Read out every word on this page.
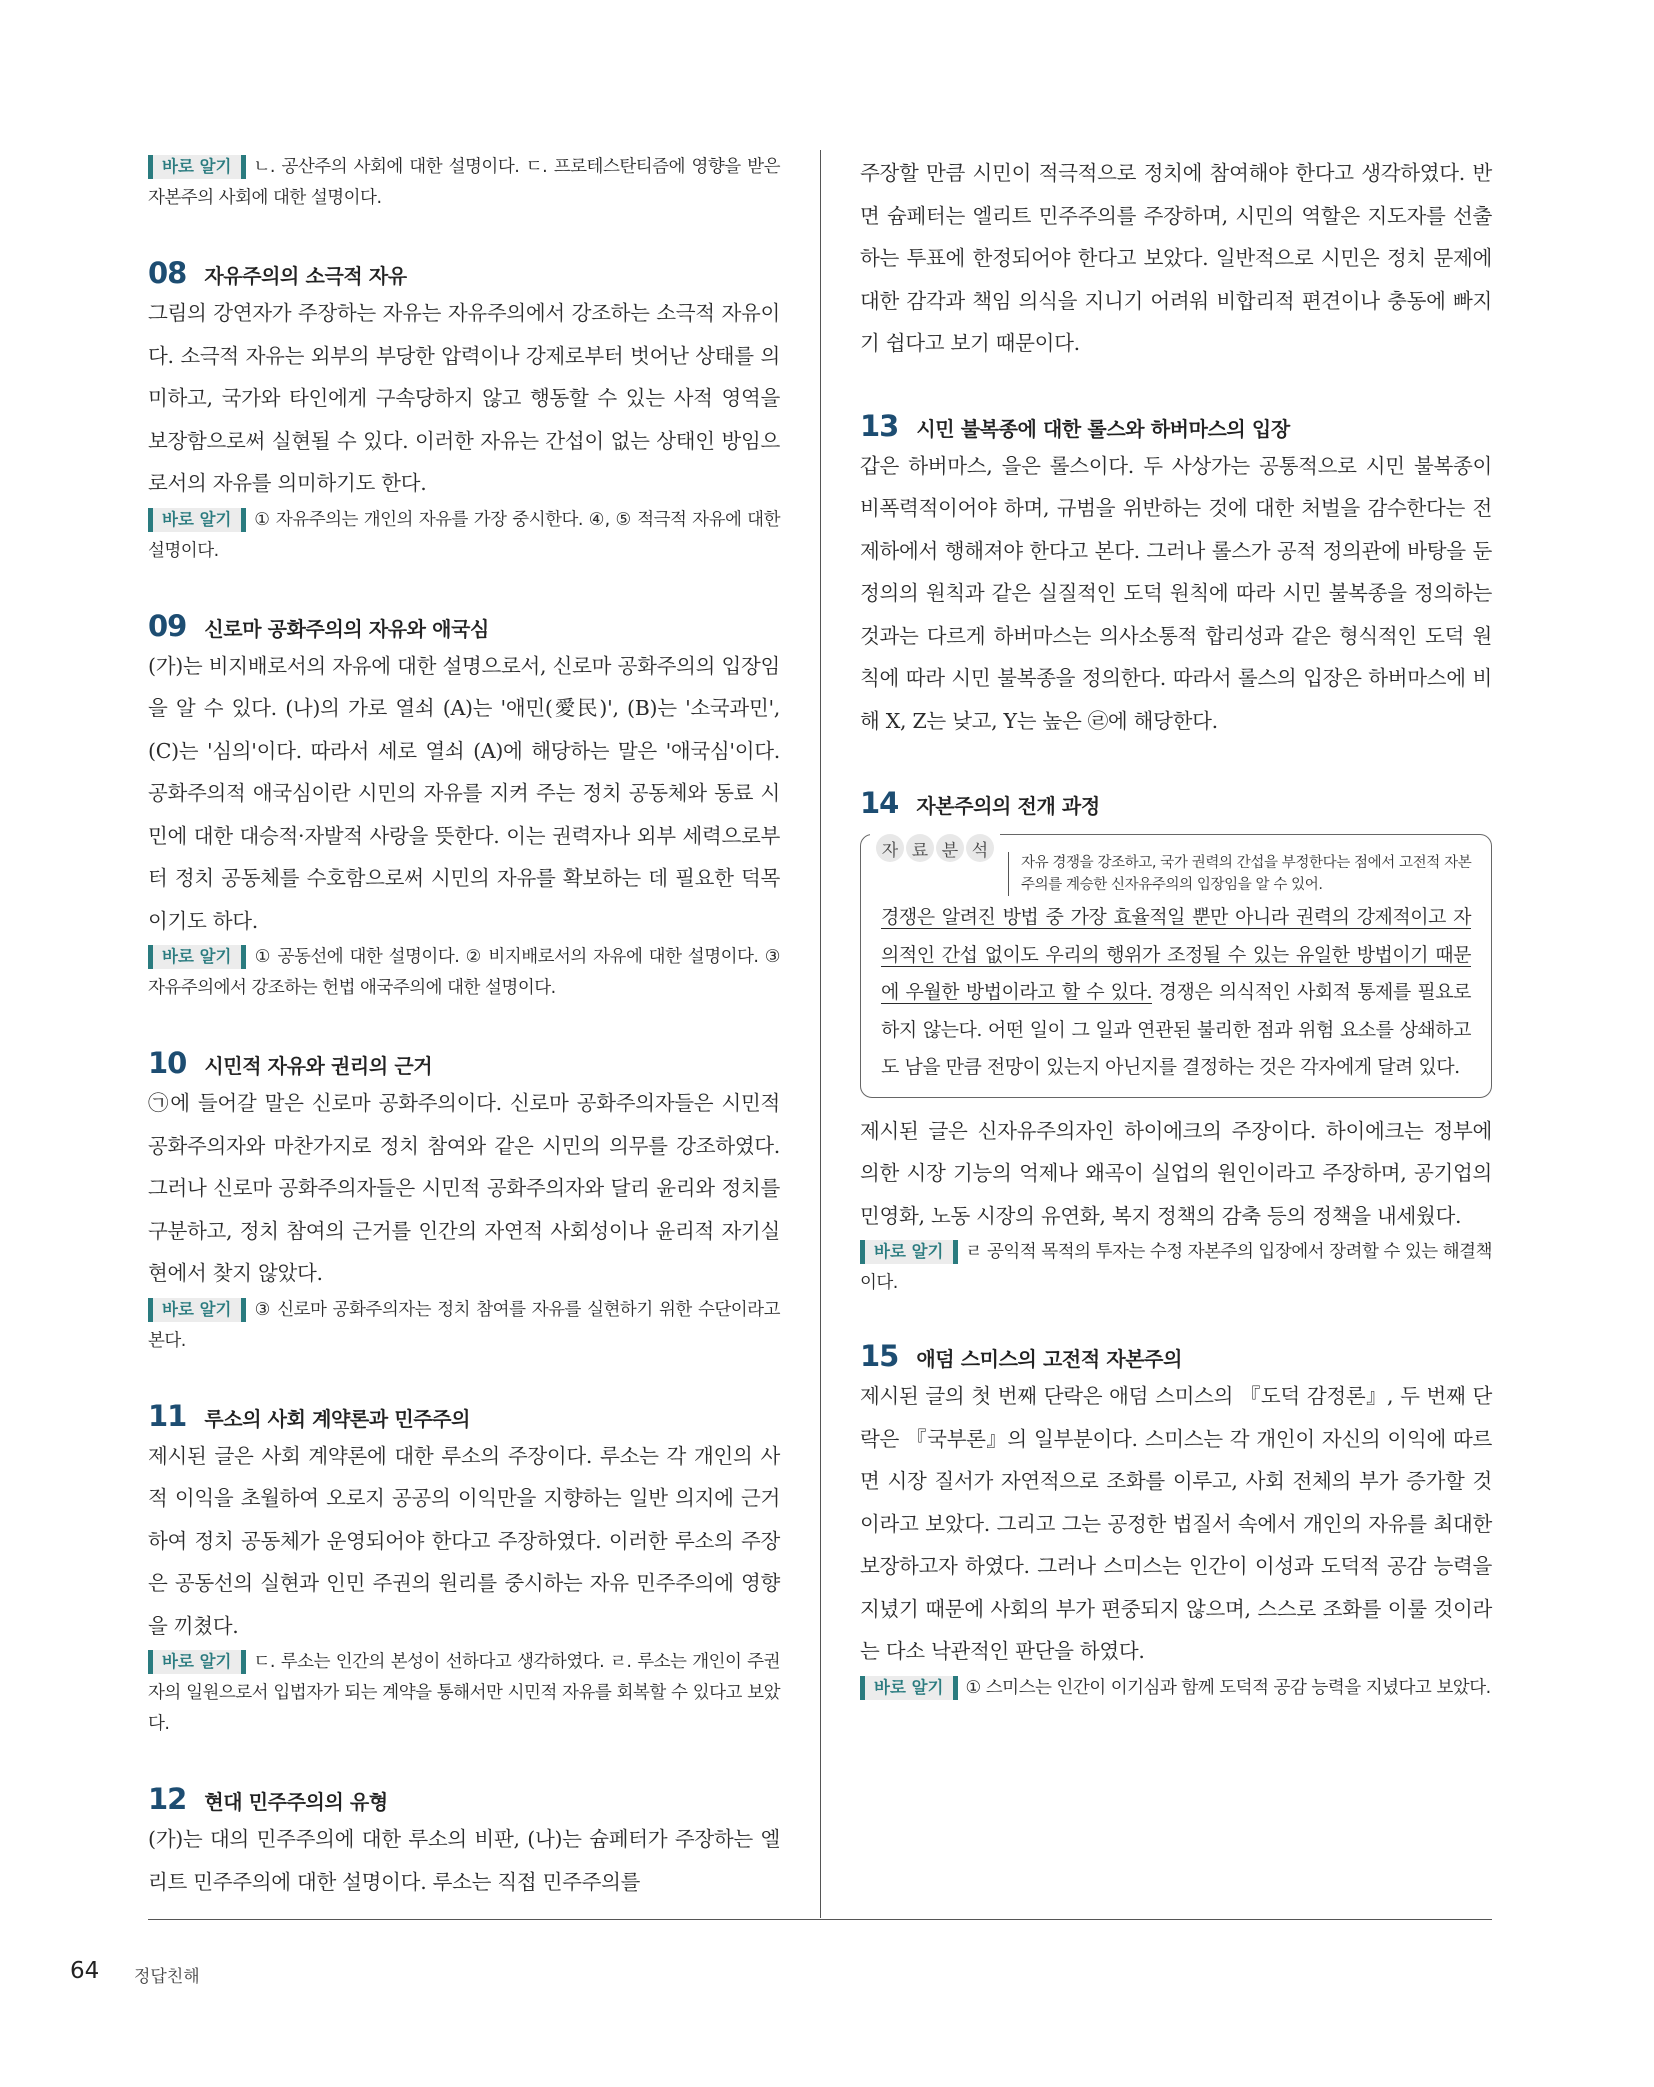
바로 알기 ㄴ. 공산주의 사회에 대한 설명이다. ㄷ. 프로테스탄티즘에 영향을 받은 자본주의 사회에 대한 설명이다.

08 자유주의의 소극적 자유

그림의 강연자가 주장하는 자유는 자유주의에서 강조하는 소극적 자유이다. 소극적 자유는 외부의 부당한 압력이나 강제로부터 벗어난 상태를 의미하고, 국가와 타인에게 구속당하지 않고 행동할 수 있는 사적 영역을 보장함으로써 실현될 수 있다. 이러한 자유는 간섭이 없는 상태인 방임으로서의 자유를 의미하기도 한다.

바로 알기 ① 자유주의는 개인의 자유를 가장 중시한다. ④, ⑤ 적극적 자유에 대한 설명이다.

09 신로마 공화주의의 자유와 애국심

(가)는 비지배로서의 자유에 대한 설명으로서, 신로마 공화주의의 입장임을 알 수 있다. (나)의 가로 열쇠 (A)는 '애민(愛民)', (B)는 '소국과민', (C)는 '심의'이다. 따라서 세로 열쇠 (A)에 해당하는 말은 '애국심'이다. 공화주의적 애국심이란 시민의 자유를 지켜 주는 정치 공동체와 동료 시민에 대한 대승적·자발적 사랑을 뜻한다. 이는 권력자나 외부 세력으로부터 정치 공동체를 수호함으로써 시민의 자유를 확보하는 데 필요한 덕목이기도 하다.

바로 알기 ① 공동선에 대한 설명이다. ② 비지배로서의 자유에 대한 설명이다. ③ 자유주의에서 강조하는 헌법 애국주의에 대한 설명이다.

10 시민적 자유와 권리의 근거

㉠에 들어갈 말은 신로마 공화주의이다. 신로마 공화주의자들은 시민적 공화주의자와 마찬가지로 정치 참여와 같은 시민의 의무를 강조하였다. 그러나 신로마 공화주의자들은 시민적 공화주의자와 달리 윤리와 정치를 구분하고, 정치 참여의 근거를 인간의 자연적 사회성이나 윤리적 자기실현에서 찾지 않았다.

바로 알기 ③ 신로마 공화주의자는 정치 참여를 자유를 실현하기 위한 수단이라고 본다.

11 루소의 사회 계약론과 민주주의

제시된 글은 사회 계약론에 대한 루소의 주장이다. 루소는 각 개인의 사적 이익을 초월하여 오로지 공공의 이익만을 지향하는 일반 의지에 근거하여 정치 공동체가 운영되어야 한다고 주장하였다. 이러한 루소의 주장은 공동선의 실현과 인민 주권의 원리를 중시하는 자유 민주주의에 영향을 끼쳤다.

바로 알기 ㄷ. 루소는 인간의 본성이 선하다고 생각하였다. ㄹ. 루소는 개인이 주권자의 일원으로서 입법자가 되는 계약을 통해서만 시민적 자유를 회복할 수 있다고 보았다.

12 현대 민주주의의 유형

(가)는 대의 민주주의에 대한 루소의 비판, (나)는 슘페터가 주장하는 엘리트 민주주의에 대한 설명이다. 루소는 직접 민주주의를

주장할 만큼 시민이 적극적으로 정치에 참여해야 한다고 생각하였다. 반면 슘페터는 엘리트 민주주의를 주장하며, 시민의 역할은 지도자를 선출하는 투표에 한정되어야 한다고 보았다. 일반적으로 시민은 정치 문제에 대한 감각과 책임 의식을 지니기 어려워 비합리적 편견이나 충동에 빠지기 쉽다고 보기 때문이다.

13 시민 불복종에 대한 롤스와 하버마스의 입장

갑은 하버마스, 을은 롤스이다. 두 사상가는 공통적으로 시민 불복종이 비폭력적이어야 하며, 규범을 위반하는 것에 대한 처벌을 감수한다는 전제하에서 행해져야 한다고 본다. 그러나 롤스가 공적 정의관에 바탕을 둔 정의의 원칙과 같은 실질적인 도덕 원칙에 따라 시민 불복종을 정의하는 것과는 다르게 하버마스는 의사소통적 합리성과 같은 형식적인 도덕 원칙에 따라 시민 불복종을 정의한다. 따라서 롤스의 입장은 하버마스에 비해 X, Z는 낮고, Y는 높은 ㉣에 해당한다.

14 자본주의의 전개 과정

경쟁은 알려진 방법 중 가장 효율적일 뿐만 아니라 권력의 강제적이고 자의적인 간섭 없이도 우리의 행위가 조정될 수 있는 유일한 방법이기 때문에 우월한 방법이라고 할 수 있다. 경쟁은 의식적인 사회적 통제를 필요로 하지 않는다. 어떤 일이 그 일과 연관된 불리한 점과 위험 요소를 상쇄하고도 남을 만큼 전망이 있는지 아닌지를 결정하는 것은 각자에게 달려 있다.

자 료 분 석
자유 경쟁을 강조하고, 국가 권력의 간섭을 부정한다는 점에서 고전적 자본주의를 계승한 신자유주의의 입장임을 알 수 있어.

제시된 글은 신자유주의자인 하이에크의 주장이다. 하이에크는 정부에 의한 시장 기능의 억제나 왜곡이 실업의 원인이라고 주장하며, 공기업의 민영화, 노동 시장의 유연화, 복지 정책의 감축 등의 정책을 내세웠다.

바로 알기 ㄹ 공익적 목적의 투자는 수정 자본주의 입장에서 장려할 수 있는 해결책이다.

15 애덤 스미스의 고전적 자본주의

제시된 글의 첫 번째 단락은 애덤 스미스의 『도덕 감정론』, 두 번째 단락은 『국부론』의 일부분이다. 스미스는 각 개인이 자신의 이익에 따르면 시장 질서가 자연적으로 조화를 이루고, 사회 전체의 부가 증가할 것이라고 보았다. 그리고 그는 공정한 법질서 속에서 개인의 자유를 최대한 보장하고자 하였다. 그러나 스미스는 인간이 이성과 도덕적 공감 능력을 지녔기 때문에 사회의 부가 편중되지 않으며, 스스로 조화를 이룰 것이라는 다소 낙관적인 판단을 하였다.

바로 알기 ① 스미스는 인간이 이기심과 함께 도덕적 공감 능력을 지녔다고 보았다.

64 정답친해
